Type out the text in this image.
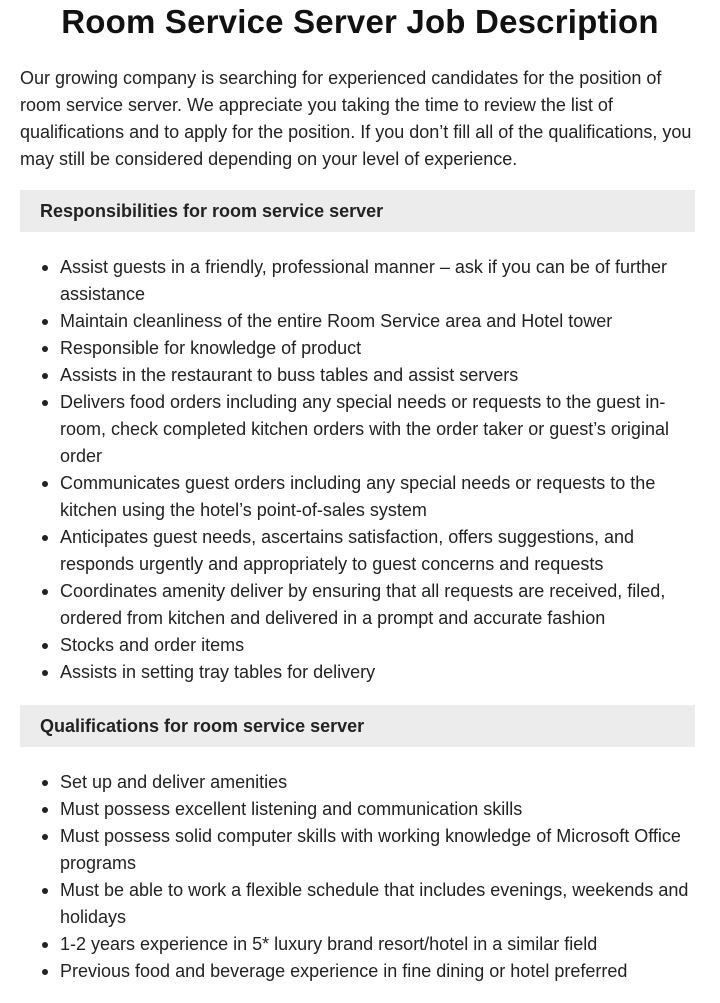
Room Service Server Job Description

Our growing company is searching for experienced candidates for the position of room service server. We appreciate you taking the time to review the list of qualifications and to apply for the position. If you don’t fill all of the qualifications, you may still be considered depending on your level of experience.

Responsibilities for room service server
Assist guests in a friendly, professional manner – ask if you can be of further assistance
Maintain cleanliness of the entire Room Service area and Hotel tower
Responsible for knowledge of product
Assists in the restaurant to buss tables and assist servers
Delivers food orders including any special needs or requests to the guest in-room, check completed kitchen orders with the order taker or guest’s original order
Communicates guest orders including any special needs or requests to the kitchen using the hotel’s point-of-sales system
Anticipates guest needs, ascertains satisfaction, offers suggestions, and responds urgently and appropriately to guest concerns and requests
Coordinates amenity deliver by ensuring that all requests are received, filed, ordered from kitchen and delivered in a prompt and accurate fashion
Stocks and order items
Assists in setting tray tables for delivery
Qualifications for room service server
Set up and deliver amenities
Must possess excellent listening and communication skills
Must possess solid computer skills with working knowledge of Microsoft Office programs
Must be able to work a flexible schedule that includes evenings, weekends and holidays
1-2 years experience in 5* luxury brand resort/hotel in a similar field
Previous food and beverage experience in fine dining or hotel preferred
